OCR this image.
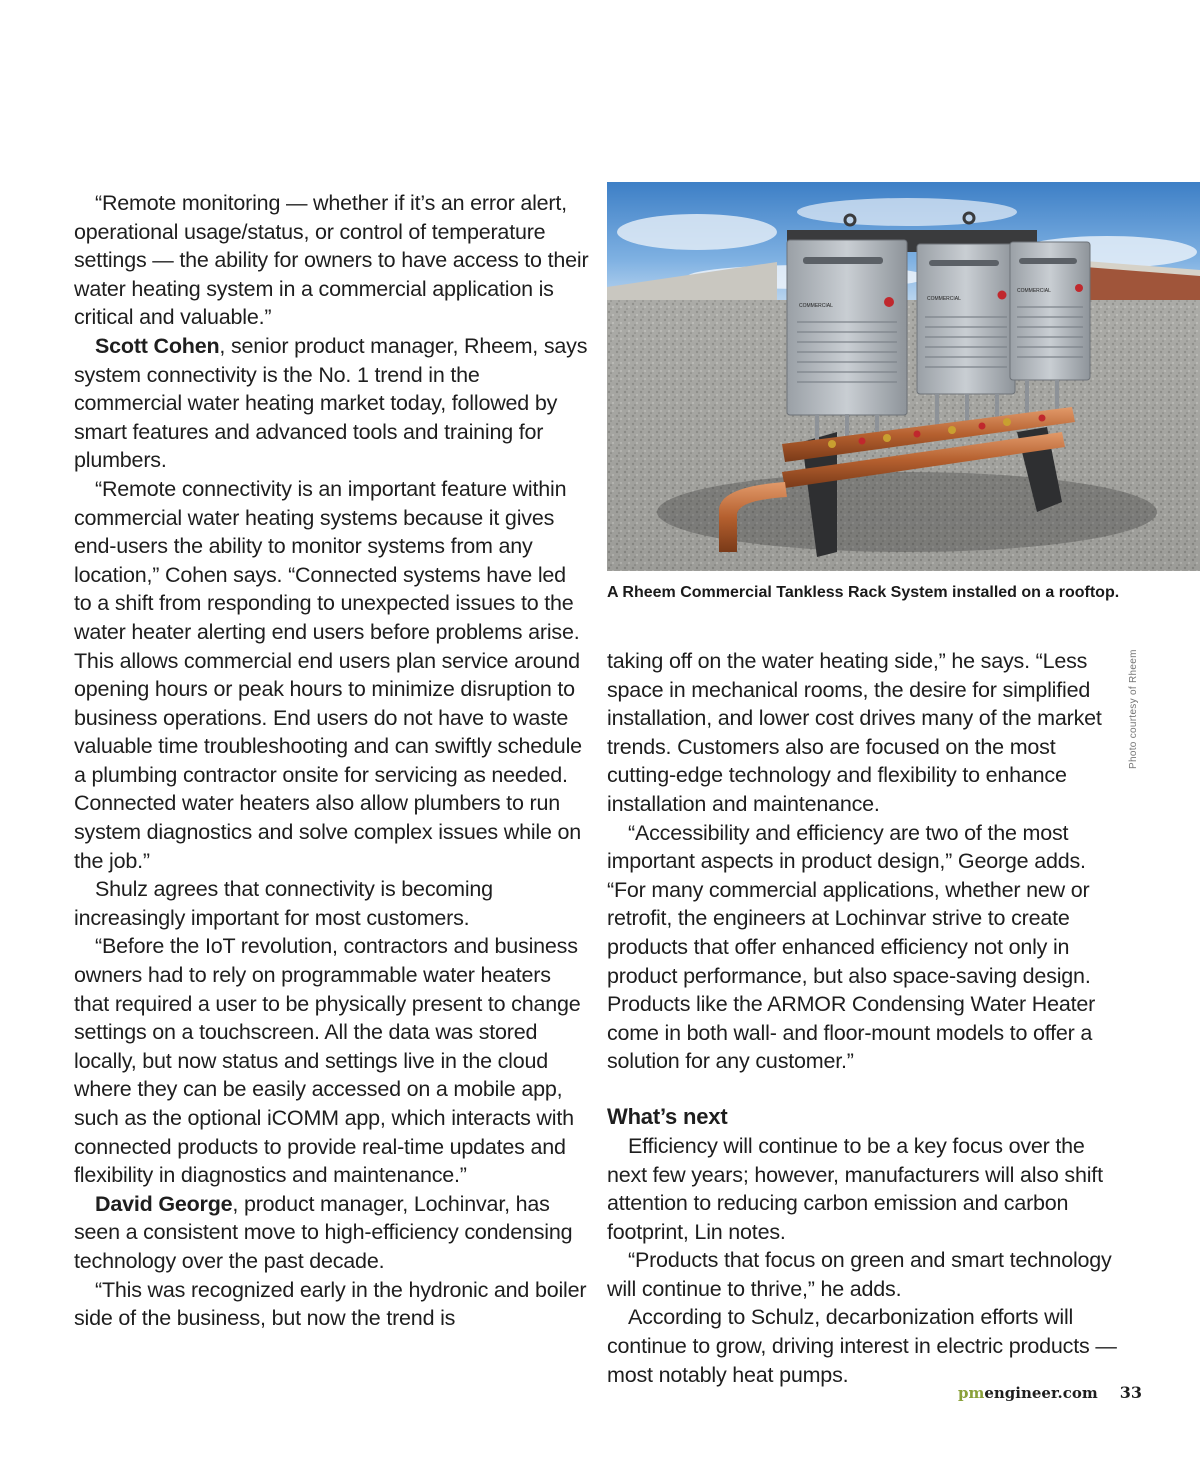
“Remote monitoring — whether if it’s an error alert, operational usage/status, or control of temperature settings — the ability for owners to have access to their water heating system in a commercial application is critical and valuable.”

Scott Cohen, senior product manager, Rheem, says system connectivity is the No. 1 trend in the commercial water heating market today, followed by smart features and advanced tools and training for plumbers.

“Remote connectivity is an important feature within commercial water heating systems because it gives end-users the ability to monitor systems from any location,” Cohen says. “Connected systems have led to a shift from responding to unexpected issues to the water heater alerting end users before problems arise. This allows commercial end users plan service around opening hours or peak hours to minimize disruption to business operations. End users do not have to waste valuable time troubleshooting and can swiftly schedule a plumbing contractor onsite for servicing as needed. Connected water heaters also allow plumbers to run system diagnostics and solve complex issues while on the job.”

Shulz agrees that connectivity is becoming increasingly important for most customers.

“Before the IoT revolution, contractors and business owners had to rely on programmable water heaters that required a user to be physically present to change settings on a touchscreen. All the data was stored locally, but now status and settings live in the cloud where they can be easily accessed on a mobile app, such as the optional iCOMM app, which interacts with connected products to provide real-time updates and flexibility in diagnostics and maintenance.”

David George, product manager, Lochinvar, has seen a consistent move to high-efficiency condensing technology over the past decade.

“This was recognized early in the hydronic and boiler side of the business, but now the trend is

COMMERCIAL
COMMERCIAL
COMMERCIAL
A Rheem Commercial Tankless Rack System installed on a rooftop.
Photo courtesy of Rheem

taking off on the water heating side,” he says. “Less space in mechanical rooms, the desire for simplified installation, and lower cost drives many of the market trends. Customers also are focused on the most cutting-edge technology and flexibility to enhance installation and maintenance.

“Accessibility and efficiency are two of the most important aspects in product design,” George adds. “For many commercial applications, whether new or retrofit, the engineers at Lochinvar strive to create products that offer enhanced efficiency not only in product performance, but also space-saving design. Products like the ARMOR Condensing Water Heater come in both wall- and floor-mount models to offer a solution for any customer.”

What’s next

Efficiency will continue to be a key focus over the next few years; however, manufacturers will also shift attention to reducing carbon emission and carbon footprint, Lin notes.

“Products that focus on green and smart technology will continue to thrive,” he adds.

According to Schulz, decarbonization efforts will continue to grow, driving interest in electric products — most notably heat pumps.

pmengineer.com 33
